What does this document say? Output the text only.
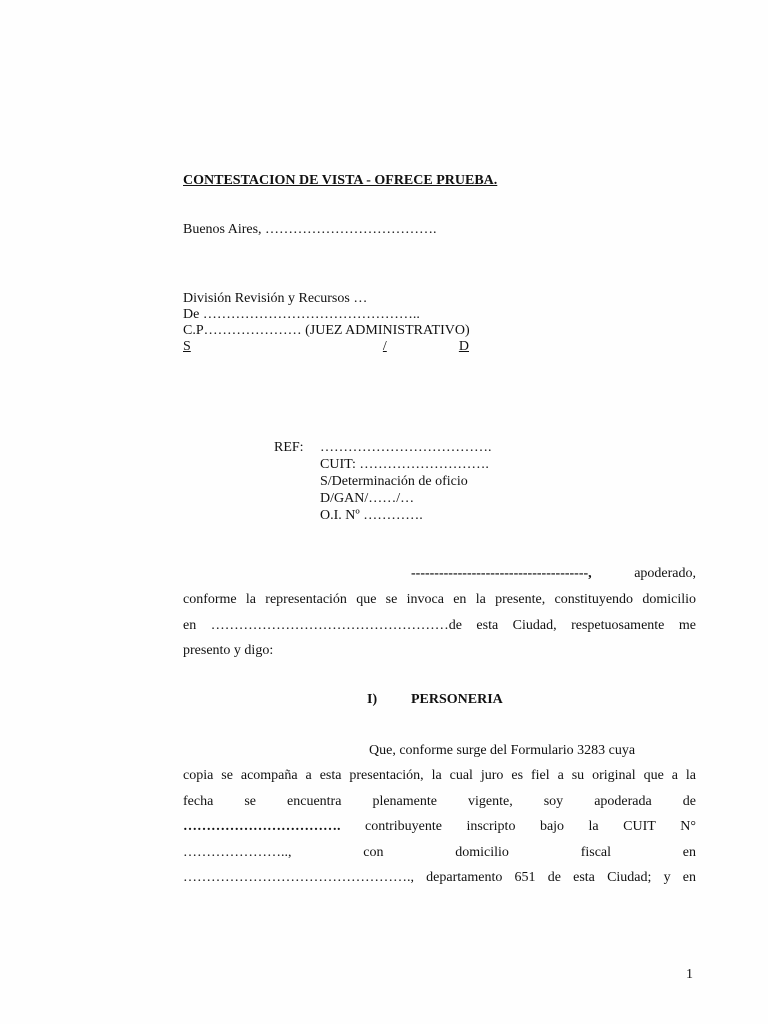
CONTESTACION DE VISTA - OFRECE PRUEBA.
Buenos Aires, ……………………………….
División Revisión y Recursos …
De ………………………………………..
C.P………………… (JUEZ ADMINISTRATIVO)
S	/	D
REF: ……………………………….
CUIT: ……………………….
S/Determinación de oficio
D/GAN/……/…
O.I. Nº ………….
--------------------------------------,	apoderado,
conforme la representación que se invoca en la presente, constituyendo domicilio
en ……………………………………………de esta Ciudad, respetuosamente me
presento y digo:
I) PERSONERIA
Que, conforme surge del Formulario 3283 cuya
copia se acompaña a esta presentación, la cual juro es fiel a su original que a la
fecha se encuentra plenamente vigente, soy apoderada de
……………………………. contribuyente inscripto bajo la CUIT N°
…………………..,	con	domicilio	fiscal	en
…………………………………………., departamento 651 de esta Ciudad; y en
1
